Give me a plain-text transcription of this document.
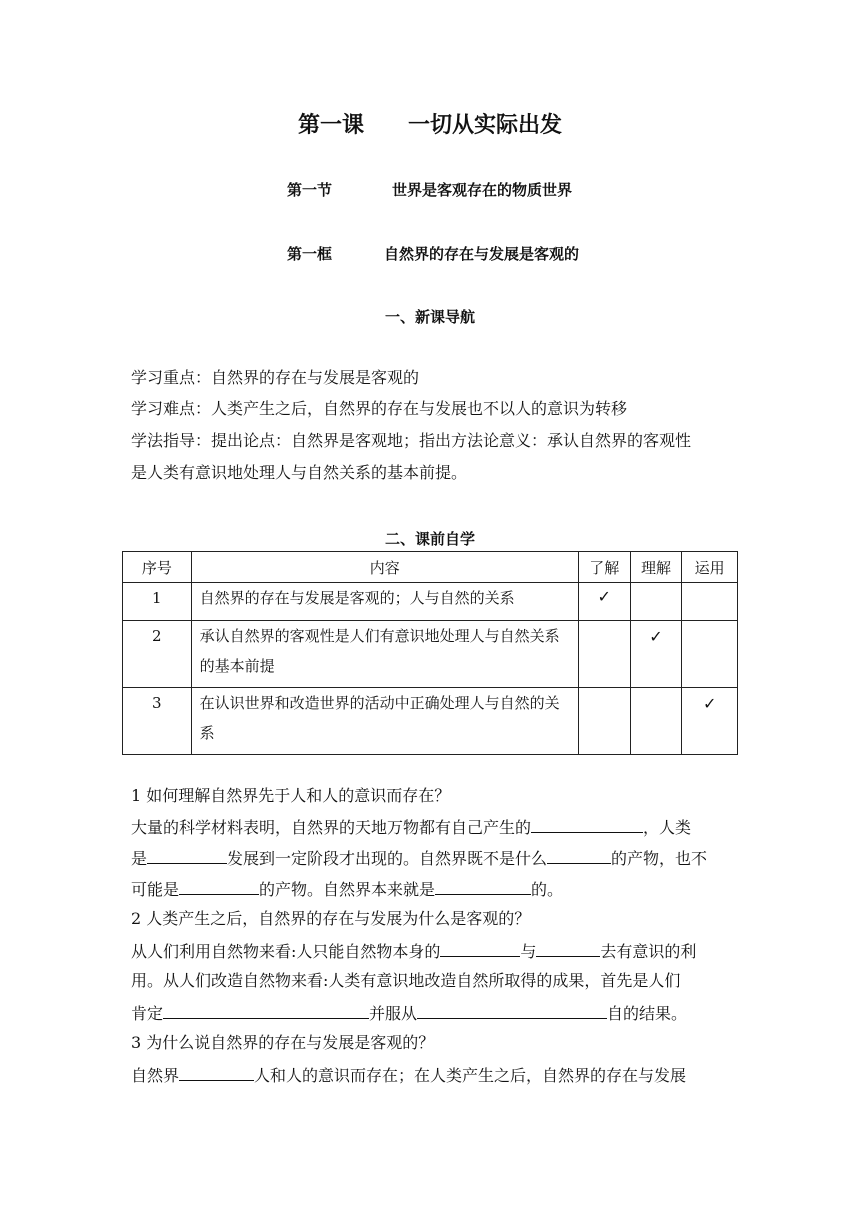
第一课 一切从实际出发
第一节	世界是客观存在的物质世界
第一框	自然界的存在与发展是客观的
一、新课导航
学习重点：自然界的存在与发展是客观的
学习难点：人类产生之后，自然界的存在与发展也不以人的意识为转移
学法指导：提出论点：自然界是客观地；指出方法论意义：承认自然界的客观性
是人类有意识地处理人与自然关系的基本前提。
二、课前自学
序号	内容	了解	理解	运用

1	自然界的存在与发展是客观的；人与自然的关系	✓		

2	承认自然界的客观性是人们有意识地处理人与自然关系的基本前提		✓	

3	在认识世界和改造世界的活动中正确处理人与自然的关系			✓
1 如何理解自然界先于人和人的意识而存在？
大量的科学材料表明，自然界的天地万物都有自己产生的	，人类
是	发展到一定阶段才出现的。自然界既不是什么	的产物，也不
可能是	的产物。自然界本来就是	的。
2 人类产生之后，自然界的存在与发展为什么是客观的？
从人们利用自然物来看:人只能自然物本身的	与	去有意识的利
用。从人们改造自然物来看:人类有意识地改造自然所取得的成果，首先是人们
肯定	并服从	自的结果。
3 为什么说自然界的存在与发展是客观的？
自然界	人和人的意识而存在；在人类产生之后，自然界的存在与发展
